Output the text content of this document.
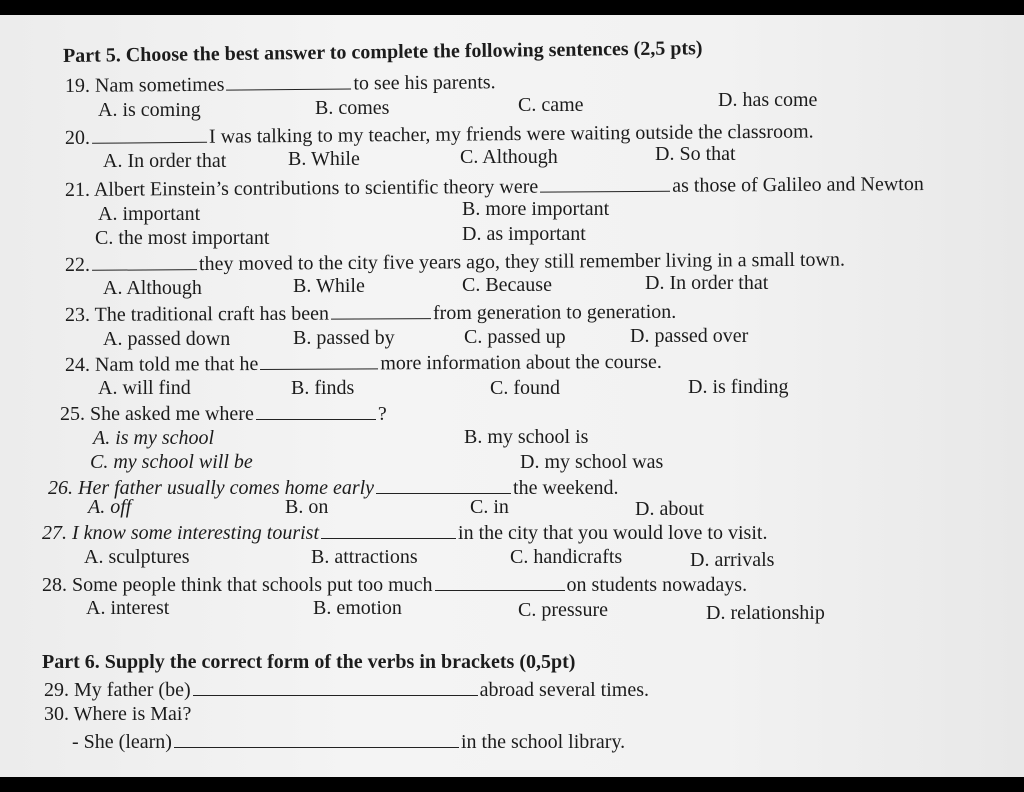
Part 5. Choose the best answer to complete the following sentences (2,5 pts)
19. Nam sometimes	to see his parents.
A. is coming	B. comes	C. came	D. has come
20.	I was talking to my teacher, my friends were waiting outside the classroom.
A. In order that	B. While	C. Although	D. So that
21. Albert Einstein’s contributions to scientific theory were	as those of Galileo and Newton
A. important	B. more important
C. the most important	D. as important
22.	they moved to the city five years ago, they still remember living in a small town.
A. Although	B. While	C. Because	D. In order that
23. The traditional craft has been	from generation to generation.
A. passed down	B. passed by	C. passed up	D. passed over
24. Nam told me that he	more information about the course.
A. will find	B. finds	C. found	D. is finding
25. She asked me where	?
A. is my school	B. my school is
C. my school will be	D. my school was
26. Her father usually comes home early	the weekend.
A. off	B. on	C. in	D. about
27. I know some interesting tourist	in the city that you would love to visit.
A. sculptures	B. attractions	C. handicrafts	D. arrivals
28. Some people think that schools put too much	on students nowadays.
A. interest	B. emotion	C. pressure	D. relationship
Part 6. Supply the correct form of the verbs in brackets (0,5pt)
29. My father (be)	abroad several times.
30. Where is Mai?
- She (learn)	in the school library.
